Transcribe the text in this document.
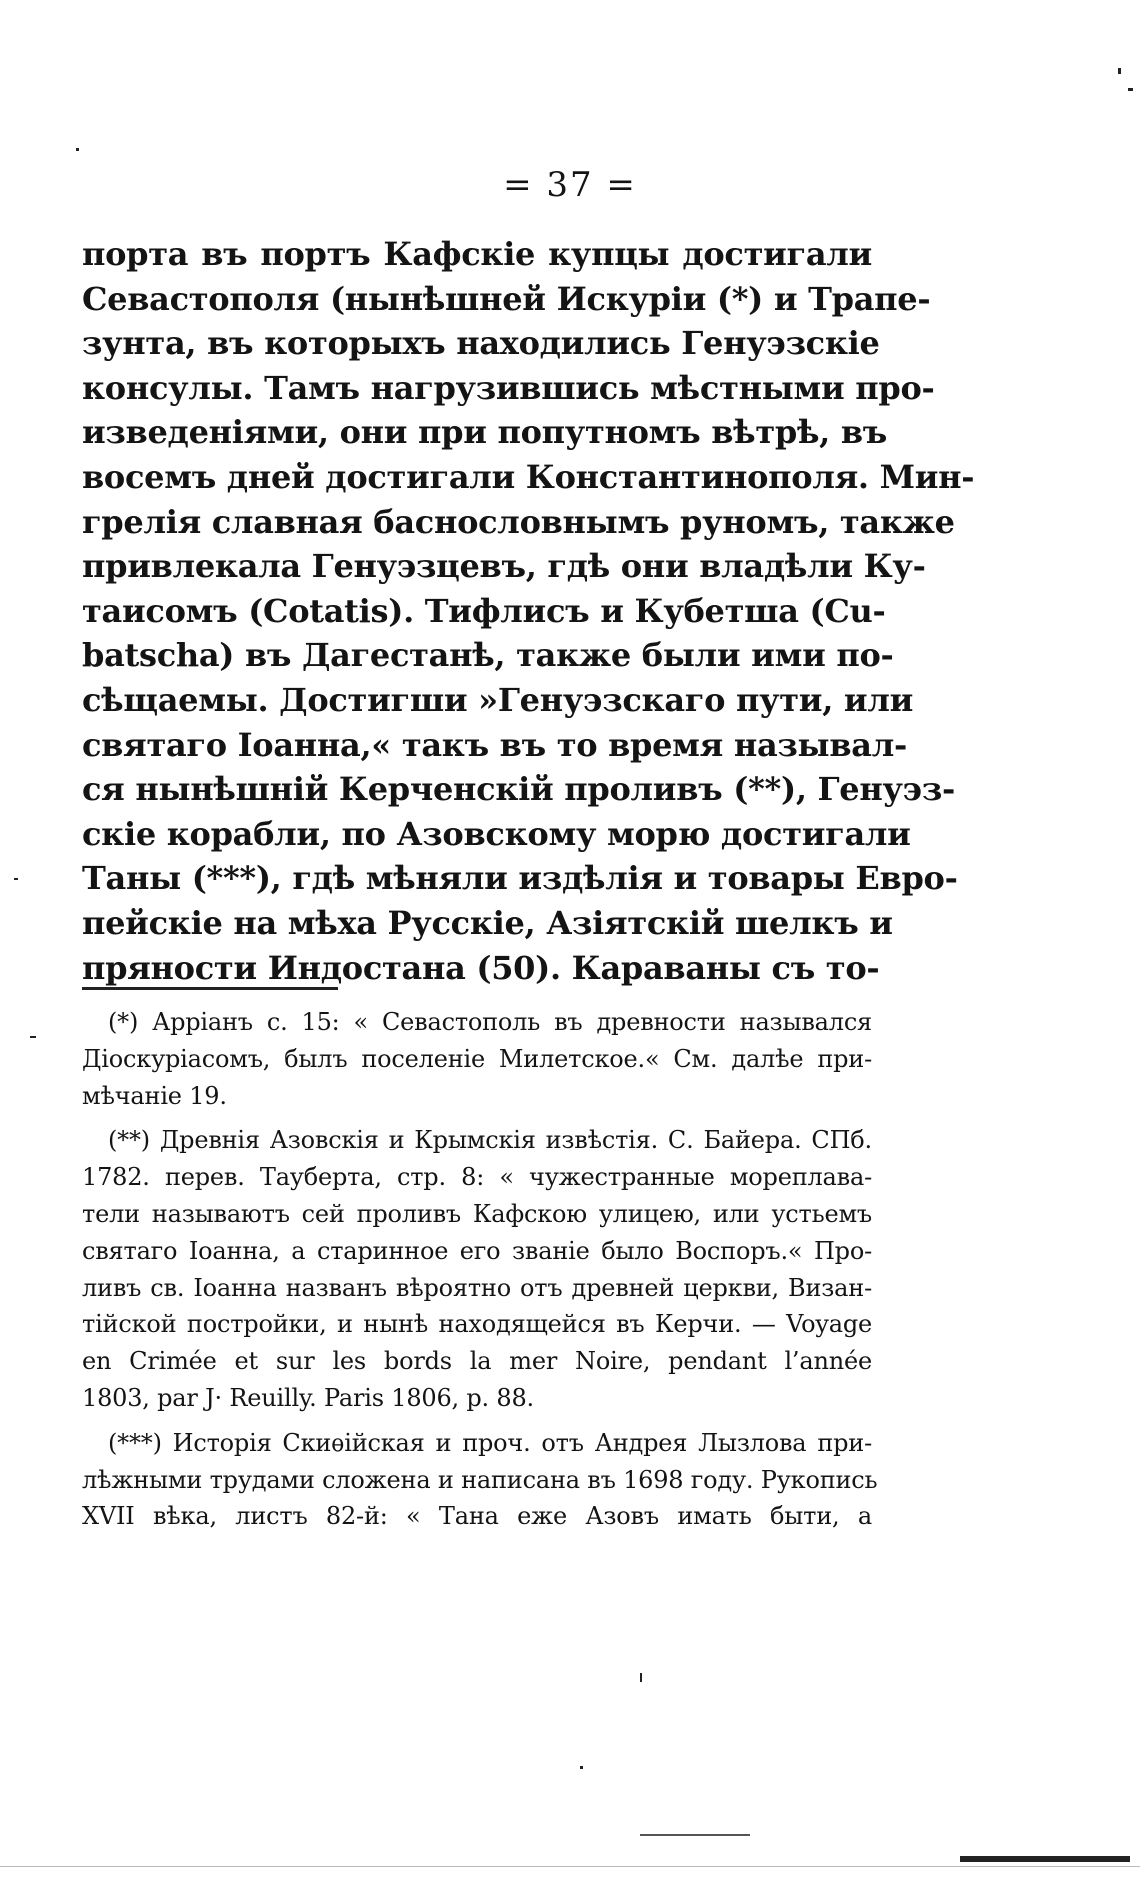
= 37 =
порта въ портъ Кафскіе купцы достигали
Севастополя (нынѣшней Искуріи (*) и Трапе-
зунта, въ которыхъ находились Генуэзскіе
консулы. Тамъ нагрузившись мѣстными про-
изведеніями, они при попутномъ вѣтрѣ, въ
восемъ дней достигали Константинополя. Мин-
грелія славная баснословнымъ руномъ, также
привлекала Генуэзцевъ, гдѣ они владѣли Ку-
таисомъ (Cotatis). Тифлисъ и Кубетша (Cu-
batscha) въ Дагестанѣ, также были ими по-
сѣщаемы. Достигши »Генуэзскаго пути, или
святаго Іоанна,« такъ въ то время называл-
ся нынѣшній Керченскій проливъ (**), Генуэз-
скіе корабли, по Азовскому морю достигали
Таны (***), гдѣ мѣняли издѣлія и товары Евро-
пейскіе на мѣха Русскіе, Азіятскій шелкъ и
пряности Индостана (50). Караваны съ то-
(*) Арріанъ с. 15: « Севастополь въ древности назывался
Діоскуріасомъ, былъ поселеніе Милетское.« См. далѣе при-
мѣчаніе 19.
(**) Древнія Азовскія и Крымскія извѣстія. С. Байера. СПб.
1782. перев. Тауберта, стр. 8: « чужестранные мореплава-
тели называютъ сей проливъ Кафскою улицею, или устьемъ
святаго Іоанна, а старинное его званіе было Воспоръ.« Про-
ливъ св. Іоанна названъ вѣроятно отъ древней церкви, Визан-
тійской постройки, и нынѣ находящейся въ Керчи. — Voyage
en Crimée et sur les bords la mer Noire, pendant l’année
1803, par J· Reuilly. Paris 1806, p. 88.
(***) Исторія Скиѳійская и проч. отъ Андрея Лызлова при-
лѣжными трудами сложена и написана въ 1698 году. Рукопись
XVII вѣка, листъ 82-й: « Тана еже Азовъ имать быти, а
